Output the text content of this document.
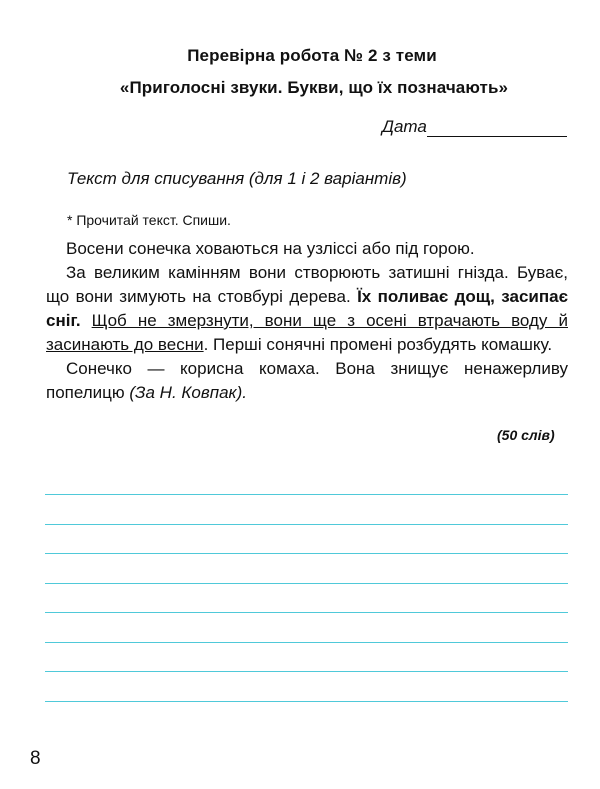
Перевірна робота № 2 з теми
«Приголосні звуки. Букви, що їх позначають»
Дата
Текст для списування (для 1 і 2 варіантів)
* Прочитай текст. Спиши.

Восени сонечка ховаються на узліссі або під горою.

За великим камінням вони створюють затишні гнізда. Буває, що вони зимують на стовбурі дерева. Їх поливає дощ, засипає сніг. Щоб не змерзнути, вони ще з осені втрачають воду й засинають до весни. Перші сонячні промені розбудять комашку.

Сонечко — корисна комаха. Вона знищує ненажерливу попелицю (За Н. Ковпак).

(50 слів)
8
